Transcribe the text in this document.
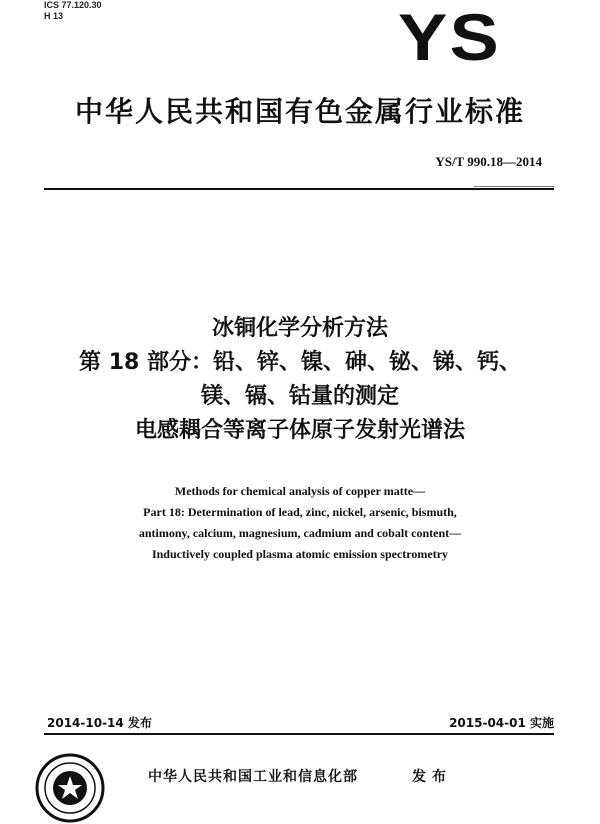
ICS 77.120.30
H 13	YS
中华人民共和国有色金属行业标准
YS/T 990.18—2014
冰铜化学分析方法
第 18 部分：铅、锌、镍、砷、铋、锑、钙、
镁、镉、钴量的测定
电感耦合等离子体原子发射光谱法
Methods for chemical analysis of copper matte—
Part 18: Determination of lead, zinc, nickel, arsenic, bismuth,
antimony, calcium, magnesium, cadmium and cobalt content—
Inductively coupled plasma atomic emission spectrometry
2014-10-14 发布	2015-04-01 实施
中华人民共和国工业和信息化部	发布
